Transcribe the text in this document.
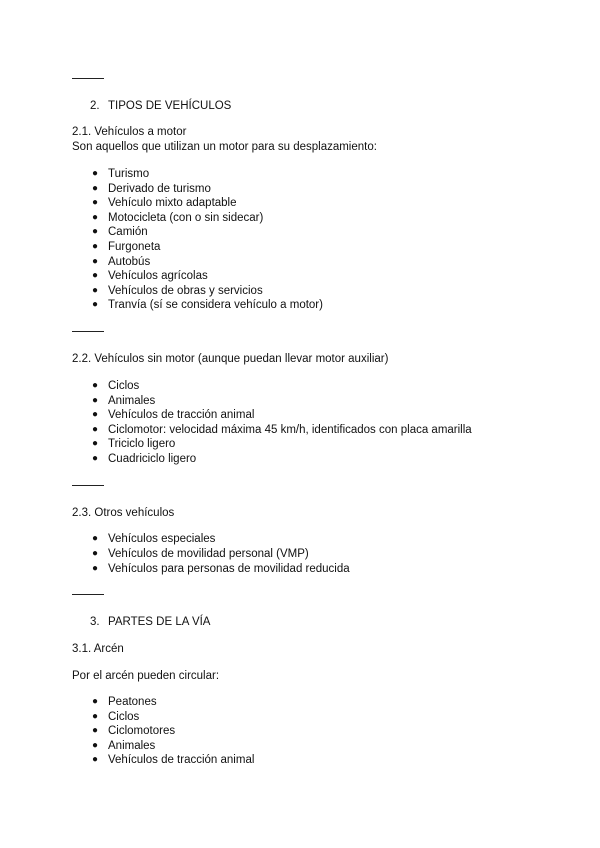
2. TIPOS DE VEHÍCULOS
2.1. Vehículos a motor
Son aquellos que utilizan un motor para su desplazamiento:
● Turismo
● Derivado de turismo
● Vehículo mixto adaptable
● Motocicleta (con o sin sidecar)
● Camión
● Furgoneta
● Autobús
● Vehículos agrícolas
● Vehículos de obras y servicios
● Tranvía (sí se considera vehículo a motor)
2.2. Vehículos sin motor (aunque puedan llevar motor auxiliar)
● Ciclos
● Animales
● Vehículos de tracción animal
● Ciclomotor: velocidad máxima 45 km/h, identificados con placa amarilla
● Triciclo ligero
● Cuadriciclo ligero
2.3. Otros vehículos
● Vehículos especiales
● Vehículos de movilidad personal (VMP)
● Vehículos para personas de movilidad reducida
3. PARTES DE LA VÍA
3.1. Arcén
Por el arcén pueden circular:
● Peatones
● Ciclos
● Ciclomotores
● Animales
● Vehículos de tracción animal
